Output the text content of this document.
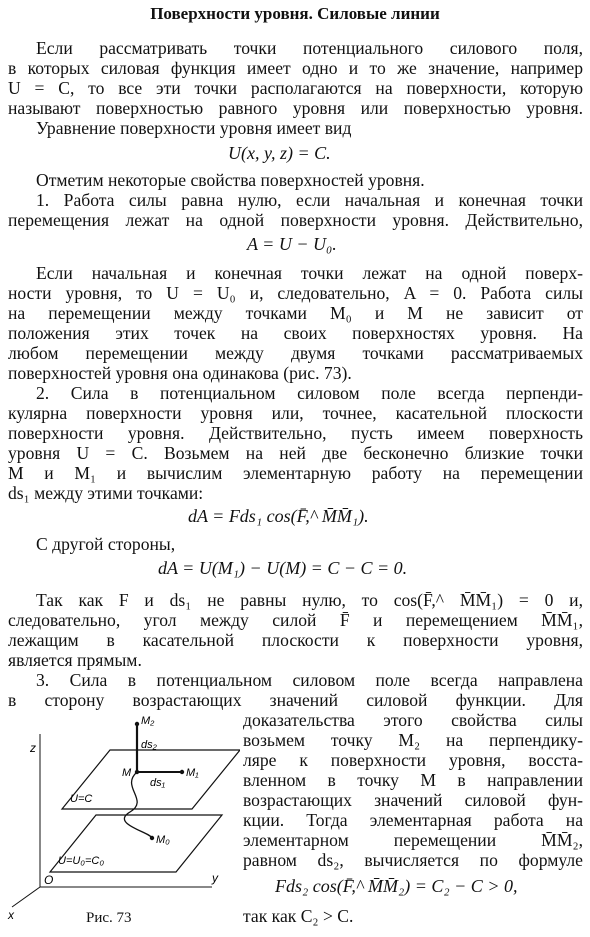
Поверхности уровня. Силовые линии
Если рассматривать точки потенциального силового поля,
в которых силовая функция имеет одно и то же значение, например
U = C, то все эти точки располагаются на поверхности, которую
называют поверхностью равного уровня или поверхностью уровня.
Уравнение поверхности уровня имеет вид
U(x, y, z) = C.
Отметим некоторые свойства поверхностей уровня.
1. Работа силы равна нулю, если начальная и конечная точки
перемещения лежат на одной поверхности уровня. Действительно,
A = U − U₀.
Если начальная и конечная точки лежат на одной поверх-
ности уровня, то U = U₀ и, следовательно, A = 0. Работа силы
на перемещении между точками M₀ и M не зависит от
положения этих точек на своих поверхностях уровня. На
любом перемещении между двумя точками рассматриваемых
поверхностей уровня она одинакова (рис. 73).
2. Сила в потенциальном силовом поле всегда перпенди-
кулярна поверхности уровня или, точнее, касательной плоскости
поверхности уровня. Действительно, пусть имеем поверхность
уровня U = C. Возьмем на ней две бесконечно близкие точки
M и M₁ и вычислим элементарную работу на перемещении
ds₁ между этими точками:
dA = Fds₁ cos(F̄,^ M̄M̄₁).
С другой стороны,
dA = U(M₁) − U(M) = C − C = 0.
Так как F и ds₁ не равны нулю, то cos(F̄,^ M̄M̄₁) = 0 и,
следовательно, угол между силой F̄ и перемещением M̄M̄₁,
лежащим в касательной плоскости к поверхности уровня,
является прямым.
3. Сила в потенциальном силовом поле всегда направлена
в сторону возрастающих значений силовой функции. Для
доказательства этого свойства силы
возьмем точку M₂ на перпендику-
ляре к поверхности уровня, восста-
вленном в точку M в направлении
возрастающих значений силовой фун-
кции. Тогда элементарная работа на
элементарном перемещении M̄M̄₂,
равном ds₂, вычисляется по формуле
Fds₂ cos(F̄,^ M̄M̄₂) = C₂ − C > 0,
так как C₂ > C.
z
y
x
O
U=C
U=U₀=C₀
M₂
ds₂
M	M₁
ds₁
M₀
Рис. 73
